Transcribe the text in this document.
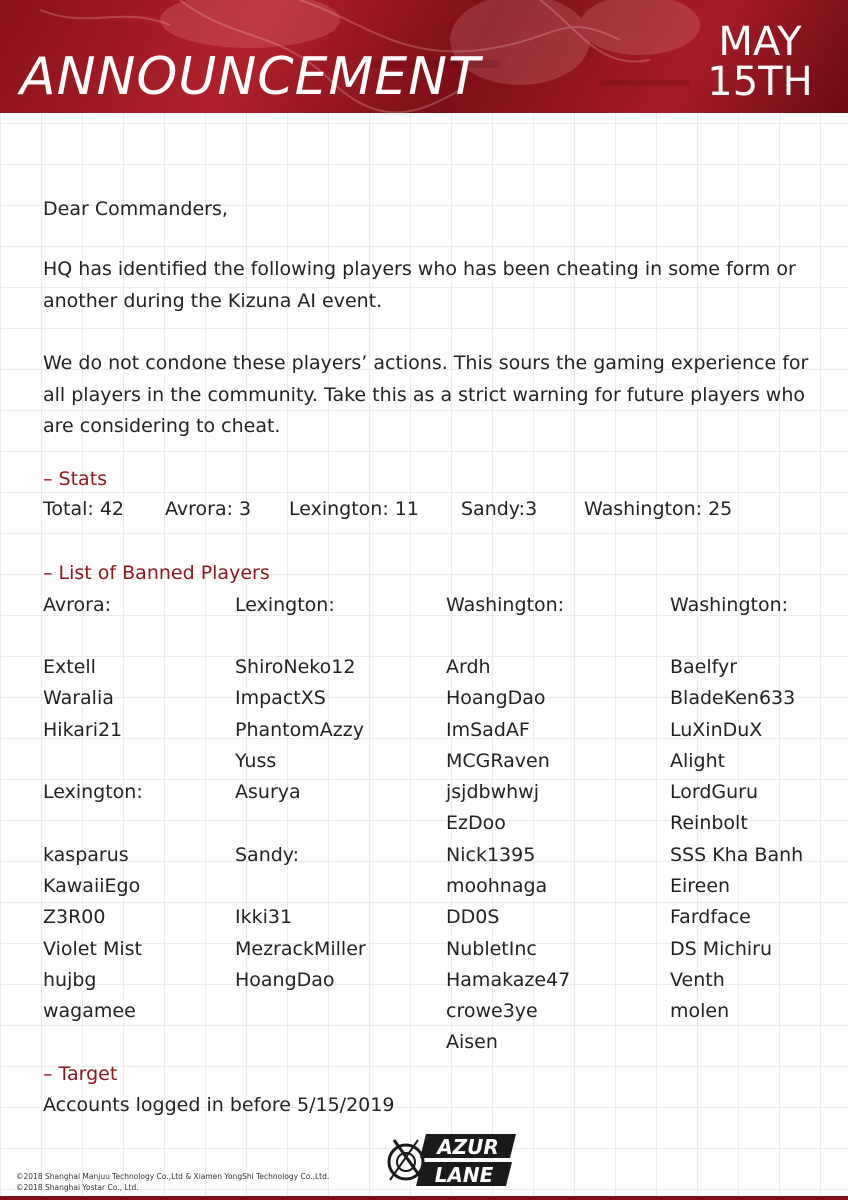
ANNOUNCEMENT
MAY
15TH
Dear Commanders,
HQ has identified the following players who has been cheating in some form or another during the Kizuna AI event.
We do not condone these players’ actions. This sours the gaming experience for all players in the community. Take this as a strict warning for future players who are considering to cheat.
– Stats
Total: 42 Avrora: 3 Lexington: 11 Sandy:3 Washington: 25
– List of Banned Players
Avrora:
Extell
Waralia
Hikari21
Lexington:
kasparus
KawaiiEgo
Z3R00
Violet Mist
hujbg
wagamee
Lexington:
ShiroNeko12
ImpactXS
PhantomAzzy
Yuss
Asurya
Sandy:
Ikki31
MezrackMiller
HoangDao
Washington:
Ardh
HoangDao
ImSadAF
MCGRaven
jsjdbwhwj
EzDoo
Nick1395
moohnaga
DD0S
NubletInc
Hamakaze47
crowe3ye
Aisen
Washington:
Baelfyr
BladeKen633
LuXinDuX
Alight
LordGuru
Reinbolt
SSS Kha Banh
Eireen
Fardface
DS Michiru
Venth
molen
– Target
Accounts logged in before 5/15/2019
AZUR
LANE
©2018 Shanghai Manjuu Technology Co.,Ltd & Xiamen YongShi Technology Co.,Ltd.
©2018 Shanghai Yostar Co., Ltd.
